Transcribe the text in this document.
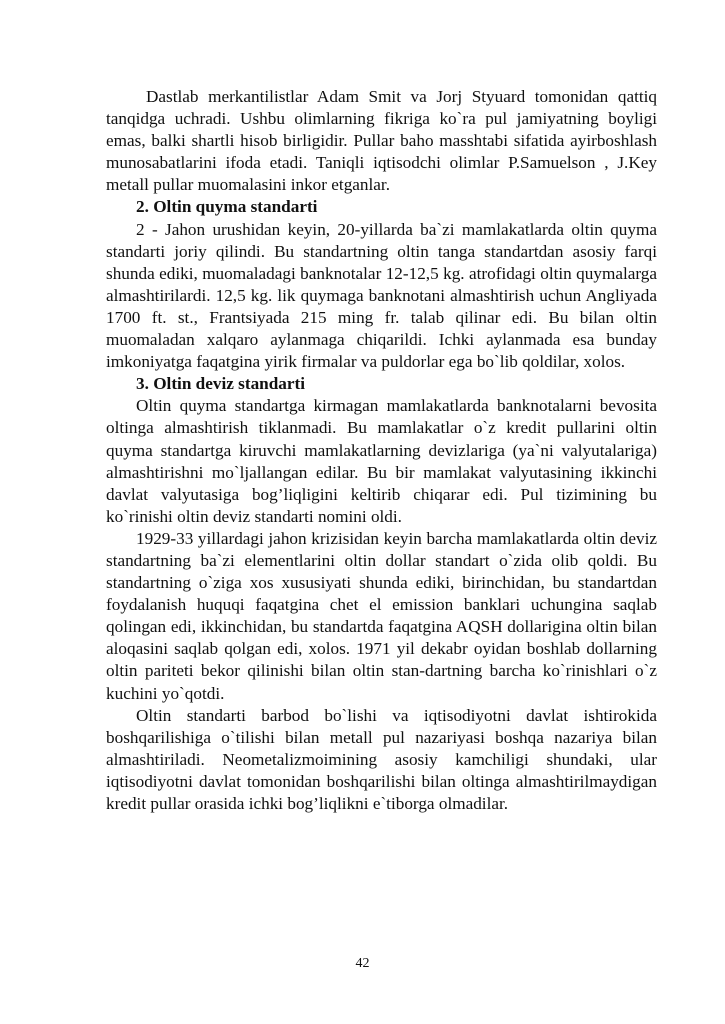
Dastlab merkantilistlar Adam Smit va Jorj Styuard tomonidan qattiq tanqidga uchradi. Ushbu olimlarning fikriga ko`ra pul jamiyatning boyligi emas, balki shartli hisob birligidir. Pullar baho masshtabi sifatida ayirboshlash munosabatlarini ifoda etadi. Taniqli iqtisodchi olimlar P.Samuelson , J.Key metall pullar muomalasini inkor etganlar.

2. Oltin quyma standarti

2 - Jahon urushidan keyin, 20-yillarda ba`zi mamlakatlarda oltin quyma standarti joriy qilindi. Bu standartning oltin tanga standartdan asosiy farqi shunda ediki, muomaladagi banknotalar 12-12,5 kg. atrofidagi oltin quymalarga almashtirilardi. 12,5 kg. lik quymaga banknotani almashtirish uchun Angliyada 1700 ft. st., Frantsiyada 215 ming fr. talab qilinar edi. Bu bilan oltin muomaladan xalqaro aylanmaga chiqarildi. Ichki aylanmada esa bunday imkoniyatga faqatgina yirik firmalar va puldorlar ega bo`lib qoldilar, xolos.

3. Oltin deviz standarti

Oltin quyma standartga kirmagan mamlakatlarda banknotalarni bevosita oltinga almashtirish tiklanmadi. Bu mamlakatlar o`z kredit pullarini oltin quyma standartga kiruvchi mamlakatlarning devizlariga (ya`ni valyutalariga) almashtirishni mo`ljallangan edilar. Bu bir mamlakat valyutasining ikkinchi davlat valyutasiga bog’liqligini keltirib chiqarar edi. Pul tizimining bu ko`rinishi oltin deviz standarti nomini oldi.

1929-33 yillardagi jahon krizisidan keyin barcha mamlakatlarda oltin deviz standartning ba`zi elementlarini oltin dollar standart o`zida olib qoldi. Bu standartning o`ziga xos xususiyati shunda ediki, birinchidan, bu standartdan foydalanish huquqi faqatgina chet el emission banklari uchungina saqlab qolingan edi, ikkinchidan, bu standartda faqatgina AQSH dollarigina oltin bilan aloqasini saqlab qolgan edi, xolos. 1971 yil dekabr oyidan boshlab dollarning oltin pariteti bekor qilinishi bilan oltin stan-dartning barcha ko`rinishlari o`z kuchini yo`qotdi.

Oltin standarti barbod bo`lishi va iqtisodiyotni davlat ishtirokida boshqarilishiga o`tilishi bilan metall pul nazariyasi boshqa nazariya bilan almashtiriladi. Neometalizmoimining asosiy kamchiligi shundaki, ular iqtisodiyotni davlat tomonidan boshqarilishi bilan oltinga almashtirilmaydigan kredit pullar orasida ichki bog’liqlikni e`tiborga olmadilar.

42
